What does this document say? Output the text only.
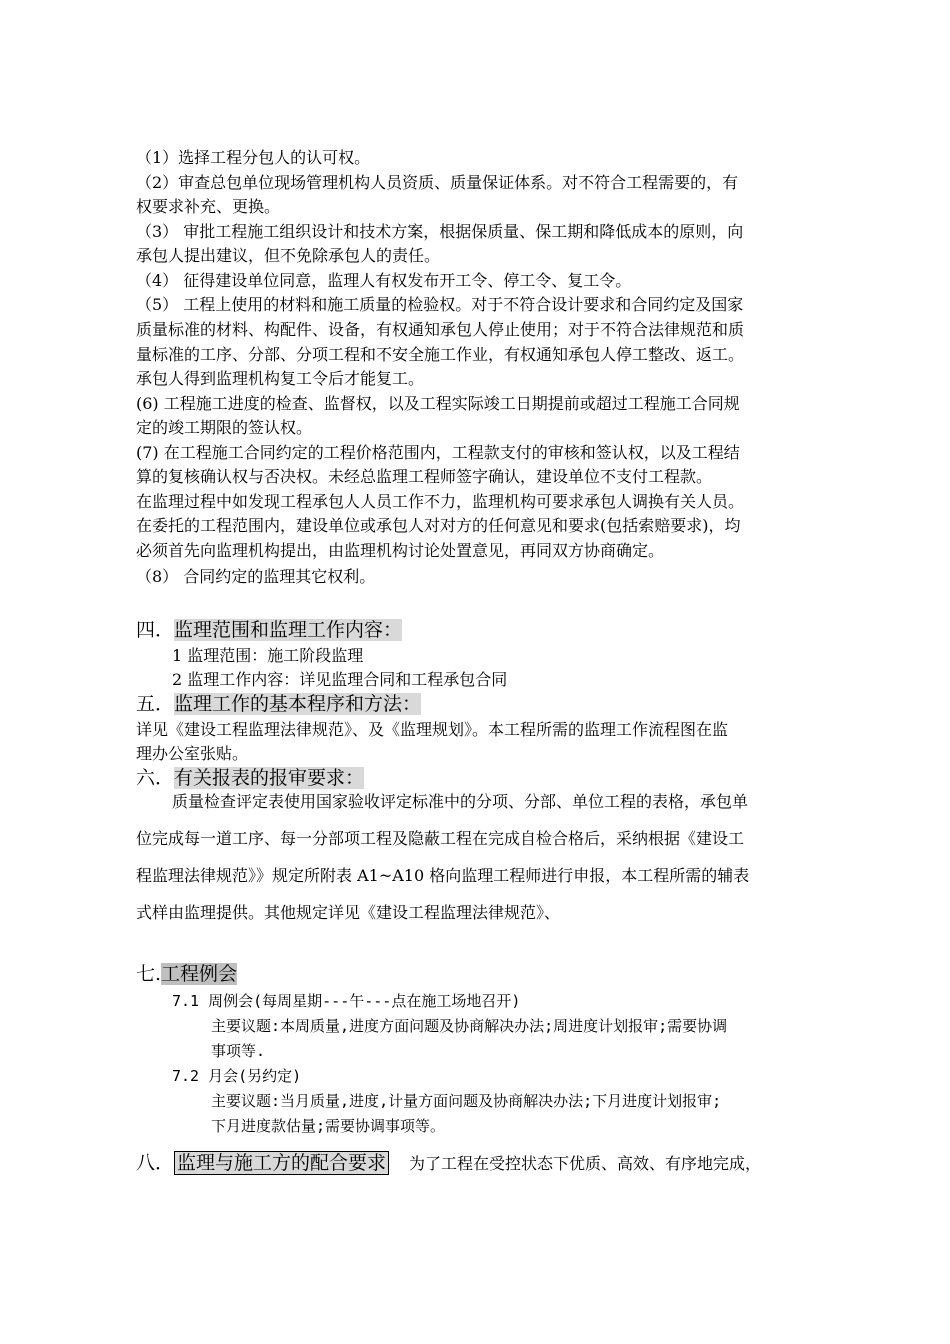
（1）选择工程分包人的认可权。
（2）审查总包单位现场管理机构人员资质、质量保证体系。对不符合工程需要的，有
权要求补充、更换。
（3） 审批工程施工组织设计和技术方案，根据保质量、保工期和降低成本的原则，向
承包人提出建议，但不免除承包人的责任。
（4） 征得建设单位同意，监理人有权发布开工令、停工令、复工令。
（5） 工程上使用的材料和施工质量的检验权。对于不符合设计要求和合同约定及国家
质量标准的材料、构配件、设备，有权通知承包人停止使用；对于不符合法律规范和质
量标准的工序、分部、分项工程和不安全施工作业，有权通知承包人停工整改、返工。
承包人得到监理机构复工令后才能复工。
(6) 工程施工进度的检查、监督权，以及工程实际竣工日期提前或超过工程施工合同规
定的竣工期限的签认权。
(7) 在工程施工合同约定的工程价格范围内，工程款支付的审核和签认权，以及工程结
算的复核确认权与否决权。未经总监理工程师签字确认，建设单位不支付工程款。
在监理过程中如发现工程承包人人员工作不力，监理机构可要求承包人调换有关人员。
在委托的工程范围内，建设单位或承包人对对方的任何意见和要求(包括索赔要求)，均
必须首先向监理机构提出，由监理机构讨论处置意见，再同双方协商确定。
（8） 合同约定的监理其它权利。
四．监理范围和监理工作内容：
1 监理范围：施工阶段监理
2 监理工作内容：详见监理合同和工程承包合同
五．监理工作的基本程序和方法：
详见《建设工程监理法律规范》、及《监理规划》。本工程所需的监理工作流程图在监
理办公室张贴。
六．有关报表的报审要求：
质量检查评定表使用国家验收评定标准中的分项、分部、单位工程的表格，承包单
位完成每一道工序、每一分部项工程及隐蔽工程在完成自检合格后，采纳根据《建设工
程监理法律规范》》规定所附表 A1~A10 格向监理工程师进行申报，本工程所需的辅表
式样由监理提供。其他规定详见《建设工程监理法律规范》、
七.工程例会
7.1 周例会(每周星期---午---点在施工场地召开)
主要议题:本周质量,进度方面问题及协商解决办法;周进度计划报审;需要协调
事项等.
7.2 月会(另约定)
主要议题:当月质量,进度,计量方面问题及协商解决办法;下月进度计划报审;
下月进度款估量;需要协调事项等。
八． 监理与施工方的配合要求 为了工程在受控状态下优质、高效、有序地完成，
